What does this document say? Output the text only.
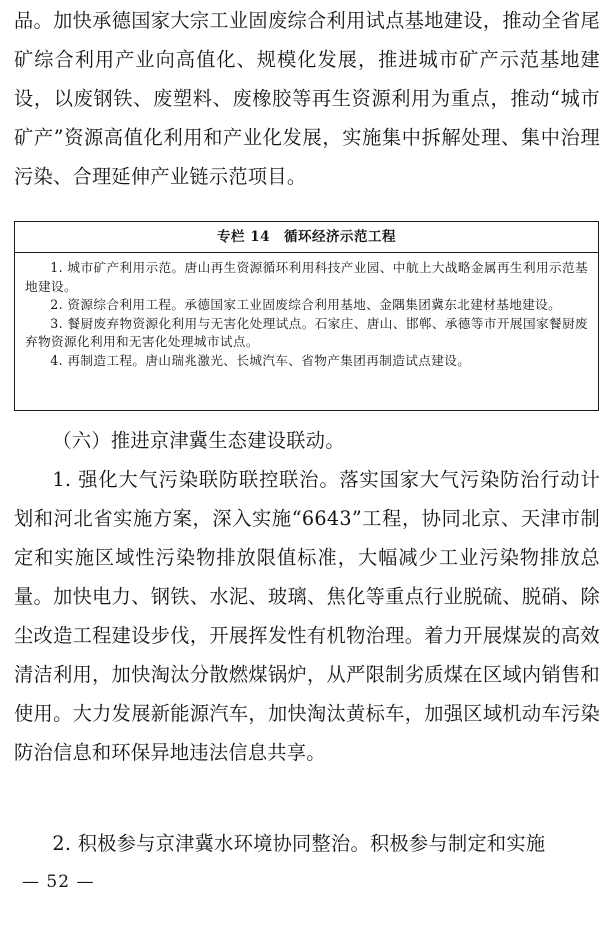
品。加快承德国家大宗工业固废综合利用试点基地建设，推动全省尾矿综合利用产业向高值化、规模化发展，推进城市矿产示范基地建设，以废钢铁、废塑料、废橡胶等再生资源利用为重点，推动“城市矿产”资源高值化利用和产业化发展，实施集中拆解处理、集中治理污染、合理延伸产业链示范项目。

专栏 14　循环经济示范工程
1. 城市矿产利用示范。唐山再生资源循环利用科技产业园、中航上大战略金属再生利用示范基地建设。
2. 资源综合利用工程。承德国家工业固废综合利用基地、金隅集团冀东北建材基地建设。
3. 餐厨废弃物资源化利用与无害化处理试点。石家庄、唐山、邯郸、承德等市开展国家餐厨废弃物资源化利用和无害化处理城市试点。
4. 再制造工程。唐山瑞兆激光、长城汽车、省物产集团再制造试点建设。
（六）推进京津冀生态建设联动。

1. 强化大气污染联防联控联治。落实国家大气污染防治行动计划和河北省实施方案，深入实施“6643”工程，协同北京、天津市制定和实施区域性污染物排放限值标准，大幅减少工业污染物排放总量。加快电力、钢铁、水泥、玻璃、焦化等重点行业脱硫、脱硝、除尘改造工程建设步伐，开展挥发性有机物治理。着力开展煤炭的高效清洁利用，加快淘汰分散燃煤锅炉，从严限制劣质煤在区域内销售和使用。大力发展新能源汽车，加快淘汰黄标车，加强区域机动车污染防治信息和环保异地违法信息共享。

2. 积极参与京津冀水环境协同整治。积极参与制定和实施

— 52 —
